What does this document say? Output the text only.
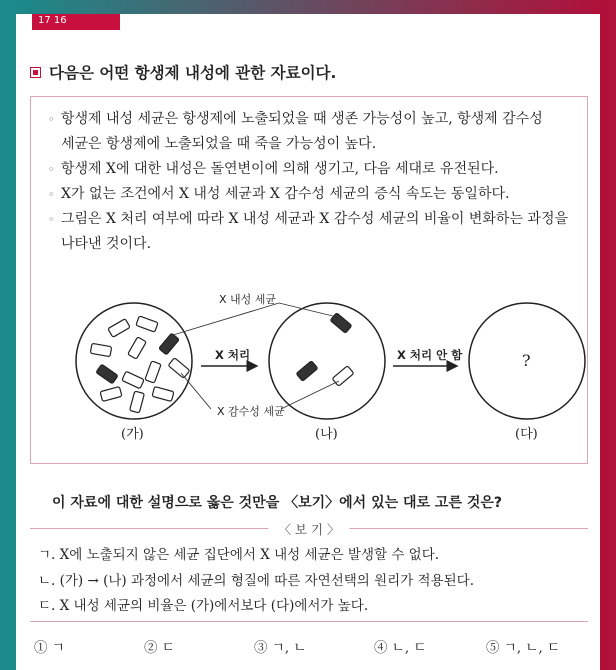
17 16
다음은 어떤 항생제 내성에 관한 자료이다.
◦ 항생제 내성 세균은 항생제에 노출되었을 때 생존 가능성이 높고, 항생제 감수성
세균은 항생제에 노출되었을 때 죽을 가능성이 높다.
◦ 항생제 X에 대한 내성은 돌연변이에 의해 생기고, 다음 세대로 유전된다.
◦ X가 없는 조건에서 X 내성 세균과 X 감수성 세균의 증식 속도는 동일하다.
◦ 그림은 X 처리 여부에 따라 X 내성 세균과 X 감수성 세균의 비율이 변화하는 과정을
나타낸 것이다.
X 내성 세균
X 감수성 세균
X 처리	X 처리 안 함	?
(가)	(나)	(다)
이 자료에 대한 설명으로 옳은 것만을 〈보기〉에서 있는 대로 고른 것은?
〈 보 기 〉
ㄱ. X에 노출되지 않은 세균 집단에서 X 내성 세균은 발생할 수 없다.
ㄴ. (가) → (나) 과정에서 세균의 형질에 따른 자연선택의 원리가 적용된다.
ㄷ. X 내성 세균의 비율은 (가)에서보다 (다)에서가 높다.
① ㄱ	② ㄷ	③ ㄱ, ㄴ	④ ㄴ, ㄷ	⑤ ㄱ, ㄴ, ㄷ
